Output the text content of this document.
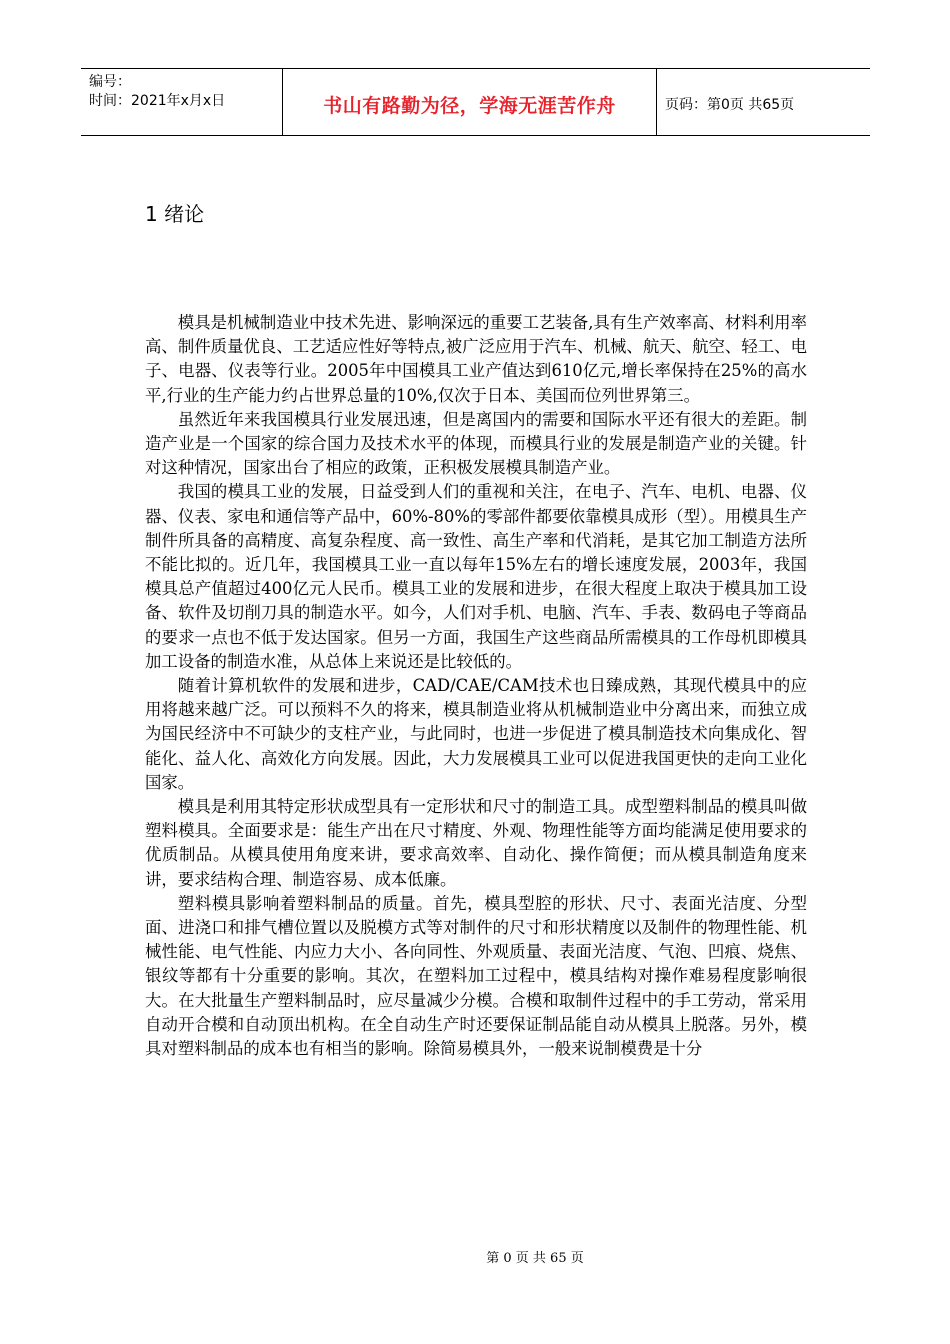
编号：
时间：2021年x月x日	书山有路勤为径，学海无涯苦作舟	页码：第0页 共65页
1 绪论

模具是机械制造业中技术先进、影响深远的重要工艺装备,具有生产效率高、材料利用率高、制件质量优良、工艺适应性好等特点,被广泛应用于汽车、机械、航天、航空、轻工、电子、电器、仪表等行业。2005年中国模具工业产值达到610亿元,增长率保持在25%的高水平,行业的生产能力约占世界总量的10%,仅次于日本、美国而位列世界第三。

虽然近年来我国模具行业发展迅速，但是离国内的需要和国际水平还有很大的差距。制造产业是一个国家的综合国力及技术水平的体现，而模具行业的发展是制造产业的关键。针对这种情况，国家出台了相应的政策，正积极发展模具制造产业。

我国的模具工业的发展，日益受到人们的重视和关注，在电子、汽车、电机、电器、仪器、仪表、家电和通信等产品中，60%-80%的零部件都要依靠模具成形（型）。用模具生产制件所具备的高精度、高复杂程度、高一致性、高生产率和代消耗，是其它加工制造方法所不能比拟的。近几年，我国模具工业一直以每年15%左右的增长速度发展，2003年，我国模具总产值超过400亿元人民币。模具工业的发展和进步，在很大程度上取决于模具加工设备、软件及切削刀具的制造水平。如今，人们对手机、电脑、汽车、手表、数码电子等商品的要求一点也不低于发达国家。但另一方面，我国生产这些商品所需模具的工作母机即模具加工设备的制造水准，从总体上来说还是比较低的。

随着计算机软件的发展和进步，CAD/CAE/CAM技术也日臻成熟，其现代模具中的应用将越来越广泛。可以预料不久的将来，模具制造业将从机械制造业中分离出来，而独立成为国民经济中不可缺少的支柱产业，与此同时，也进一步促进了模具制造技术向集成化、智能化、益人化、高效化方向发展。因此，大力发展模具工业可以促进我国更快的走向工业化国家。

模具是利用其特定形状成型具有一定形状和尺寸的制造工具。成型塑料制品的模具叫做塑料模具。全面要求是：能生产出在尺寸精度、外观、物理性能等方面均能满足使用要求的优质制品。从模具使用角度来讲，要求高效率、自动化、操作简便；而从模具制造角度来讲，要求结构合理、制造容易、成本低廉。

塑料模具影响着塑料制品的质量。首先，模具型腔的形状、尺寸、表面光洁度、分型面、进浇口和排气槽位置以及脱模方式等对制件的尺寸和形状精度以及制件的物理性能、机械性能、电气性能、内应力大小、各向同性、外观质量、表面光洁度、气泡、凹痕、烧焦、银纹等都有十分重要的影响。其次，在塑料加工过程中，模具结构对操作难易程度影响很大。在大批量生产塑料制品时，应尽量减少分模。合模和取制件过程中的手工劳动，常采用自动开合模和自动顶出机构。在全自动生产时还要保证制品能自动从模具上脱落。另外，模具对塑料制品的成本也有相当的影响。除简易模具外，一般来说制模费是十分

第 0 页 共 65 页
